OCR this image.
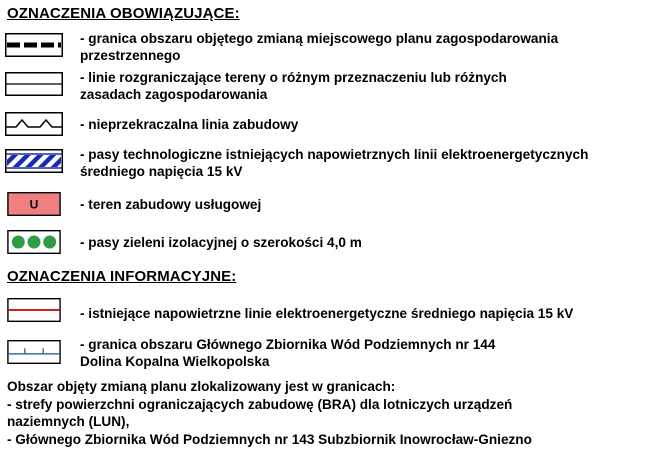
OZNACZENIA OBOWIĄZUJĄCE:
- granica obszaru objętego zmianą miejscowego planu zagospodarowania
przestrzennego
- linie rozgraniczające tereny o różnym przeznaczeniu lub różnych
zasadach zagospodarowania
- nieprzekraczalna linia zabudowy
- pasy technologiczne istniejących napowietrznych linii elektroenergetycznych
średniego napięcia 15 kV
U	- teren zabudowy usługowej
- pasy zieleni izolacyjnej o szerokości 4,0 m
OZNACZENIA INFORMACYJNE:
- istniejące napowietrzne linie elektroenergetyczne średniego napięcia 15 kV
- granica obszaru Głównego Zbiornika Wód Podziemnych nr 144
Dolina Kopalna Wielkopolska
Obszar objęty zmianą planu zlokalizowany jest w granicach:
- strefy powierzchni ograniczających zabudowę (BRA) dla lotniczych urządzeń
naziemnych (LUN),
- Głównego Zbiornika Wód Podziemnych nr 143 Subzbiornik Inowrocław-Gniezno
